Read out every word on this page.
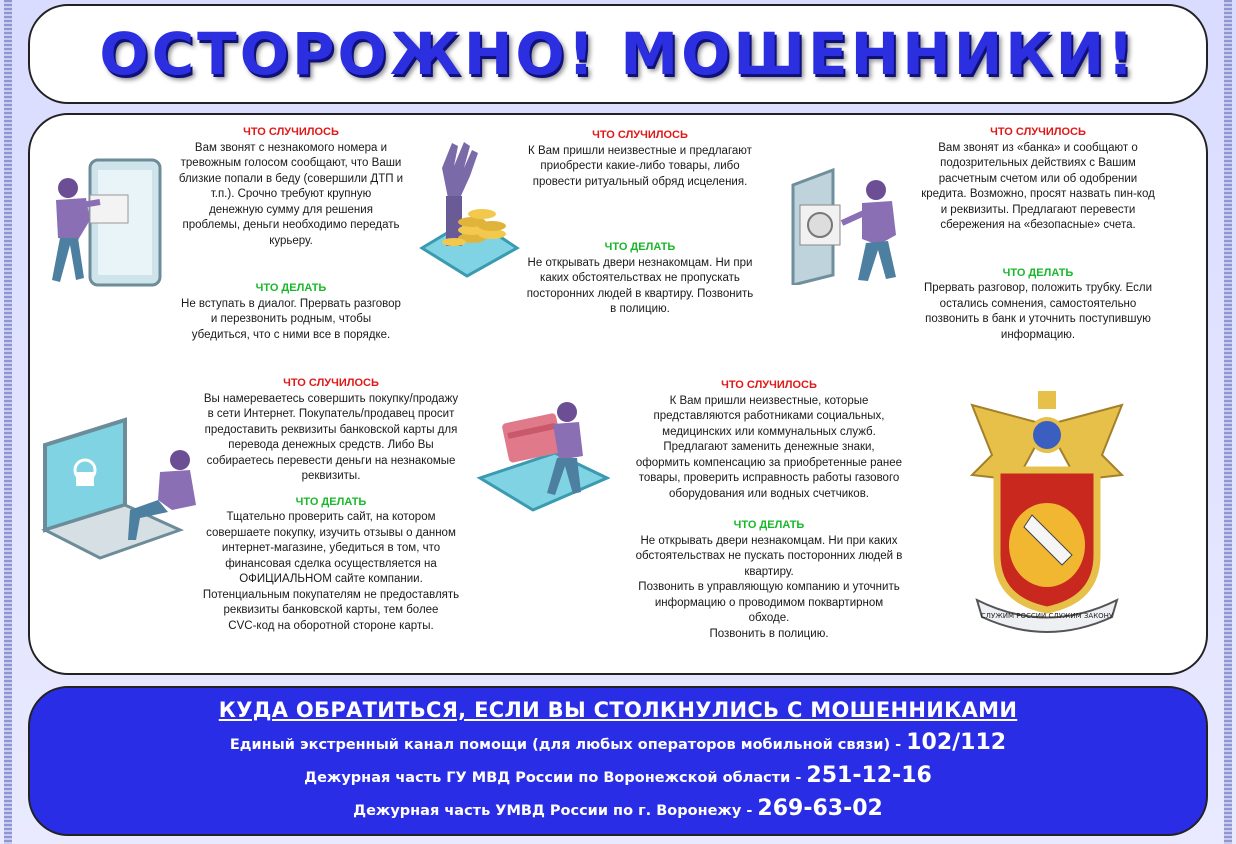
ОСТОРОЖНО! МОШЕННИКИ!
СЛУЖИМ РОССИИ СЛУЖИМ ЗАКОНУ
ЧТО СЛУЧИЛОСЬ
Вам звонят с незнакомого номера и
тревожным голосом сообщают, что Ваши
близкие попали в беду (совершили ДТП и
т.п.). Срочно требуют крупную
денежную сумму для решения
проблемы, деньги необходимо передать
курьеру.
ЧТО ДЕЛАТЬ
Не вступать в диалог. Прервать разговор
и перезвонить родным, чтобы
убедиться, что с ними все в порядке.
ЧТО СЛУЧИЛОСЬ
К Вам пришли неизвестные и предлагают
приобрести какие-либо товары, либо
провести ритуальный обряд исцеления.
ЧТО ДЕЛАТЬ
Не открывать двери незнакомцам. Ни при
каких обстоятельствах не пропускать
посторонних людей в квартиру. Позвонить
в полицию.
ЧТО СЛУЧИЛОСЬ
Вам звонят из «банка» и сообщают о
подозрительных действиях с Вашим
расчетным счетом или об одобрении
кредита. Возможно, просят назвать пин-код
и реквизиты. Предлагают перевести
сбережения на «безопасные» счета.
ЧТО ДЕЛАТЬ
Прервать разговор, положить трубку. Если
остались сомнения, самостоятельно
позвонить в банк и уточнить поступившую
информацию.
ЧТО СЛУЧИЛОСЬ
Вы намереваетесь совершить покупку/продажу
в сети Интернет. Покупатель/продавец просит
предоставить реквизиты банковской карты для
перевода денежных средств. Либо Вы
собираетесь перевести деньги на незнакомые
реквизиты.
ЧТО ДЕЛАТЬ
Тщательно проверить сайт, на котором
совершаете покупку, изучить отзывы о данном
интернет-магазине, убедиться в том, что
финансовая сделка осуществляется на
ОФИЦИАЛЬНОМ сайте компании.
Потенциальным покупателям не предоставлять
реквизиты банковской карты, тем более
CVC-код на оборотной стороне карты.
ЧТО СЛУЧИЛОСЬ
К Вам пришли неизвестные, которые
представляются работниками социальных,
медицинских или коммунальных служб.
Предлагают заменить денежные знаки,
оформить компенсацию за приобретенные ранее
товары, проверить исправность работы газового
оборудования или водных счетчиков.
ЧТО ДЕЛАТЬ
Не открывать двери незнакомцам. Ни при каких
обстоятельствах не пускать посторонних людей в
квартиру.
Позвонить в управляющую компанию и уточнить
информацию о проводимом поквартирном
обходе.
Позвонить в полицию.
КУДА ОБРАТИТЬСЯ, ЕСЛИ ВЫ СТОЛКНУЛИСЬ С МОШЕННИКАМИ
Единый экстренный канал помощи (для любых операторов мобильной связи) - 102/112
Дежурная часть ГУ МВД России по Воронежской области - 251-12-16
Дежурная часть УМВД России по г. Воронежу - 269-63-02
